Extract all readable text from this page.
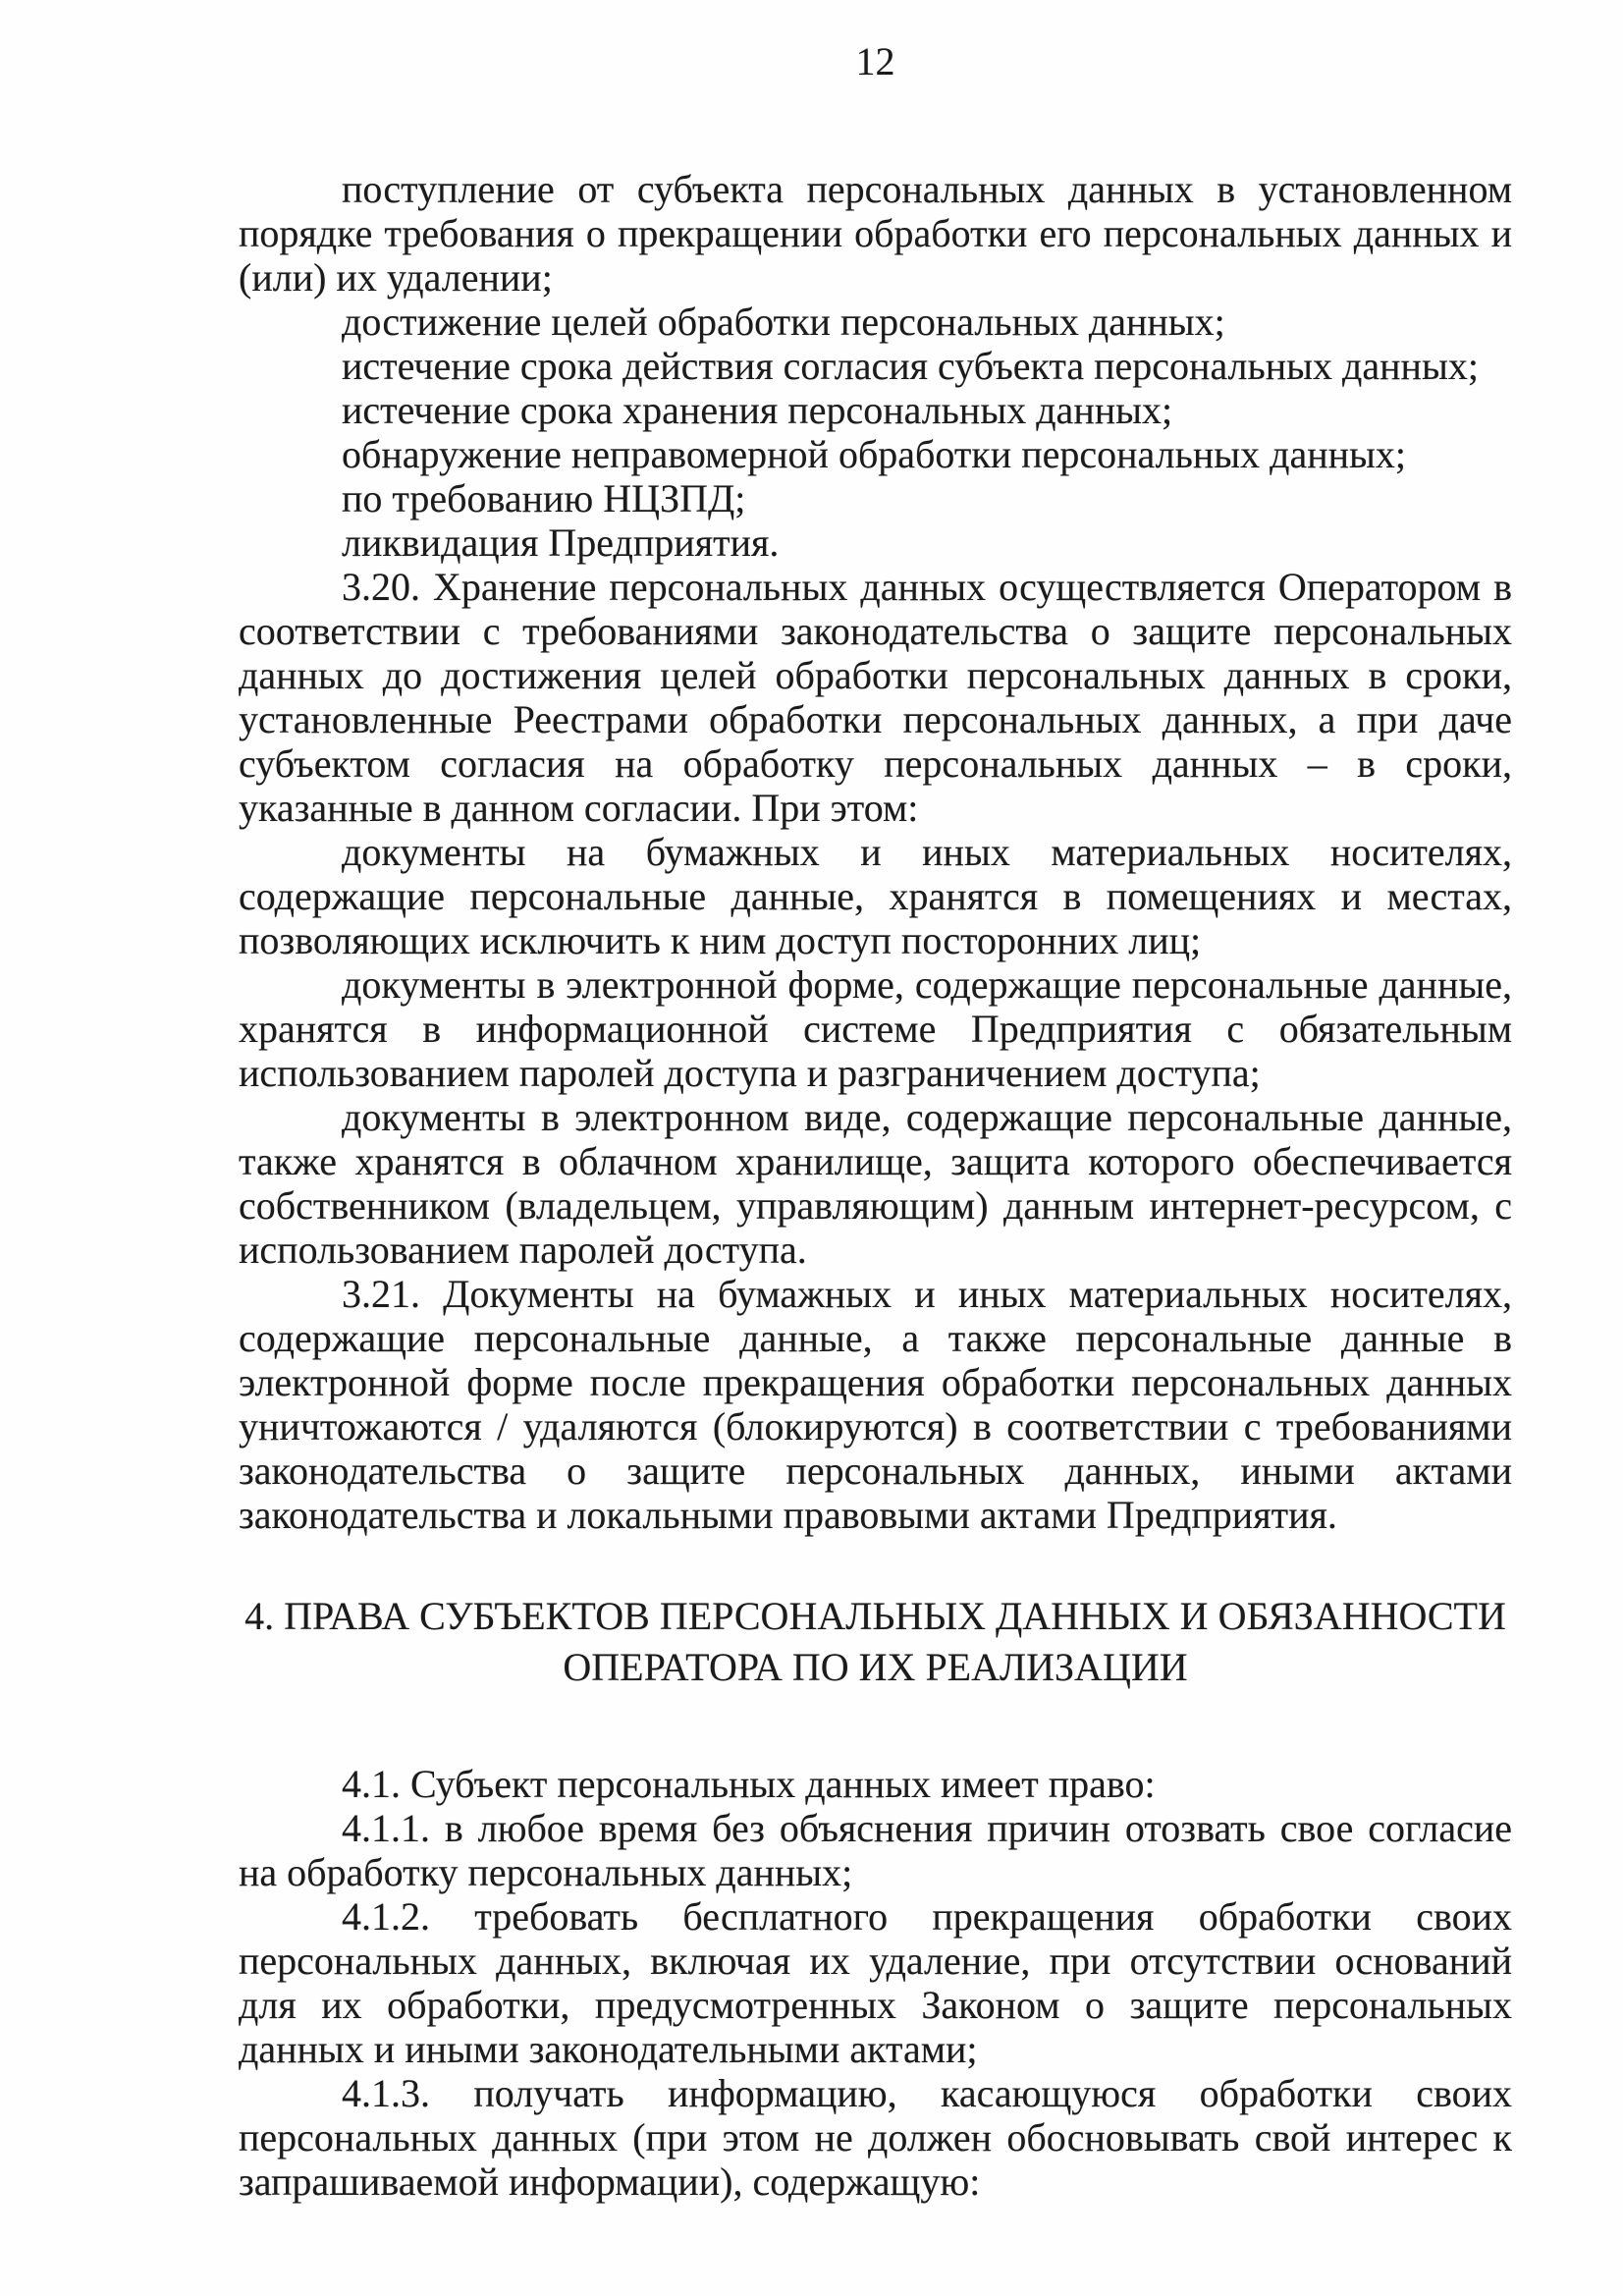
12

поступление от субъекта персональных данных в установленном порядке требования о прекращении обработки его персональных данных и (или) их удалении;

достижение целей обработки персональных данных;

истечение срока действия согласия субъекта персональных данных;

истечение срока хранения персональных данных;

обнаружение неправомерной обработки персональных данных;

по требованию НЦЗПД;

ликвидация Предприятия.

3.20. Хранение персональных данных осуществляется Оператором в соответствии с требованиями законодательства о защите персональных данных до достижения целей обработки персональных данных в сроки, установленные Реестрами обработки персональных данных, а при даче субъектом согласия на обработку персональных данных – в сроки, указанные в данном согласии. При этом:

документы на бумажных и иных материальных носителях, содержащие персональные данные, хранятся в помещениях и местах, позволяющих исключить к ним доступ посторонних лиц;

документы в электронной форме, содержащие персональные данные, хранятся в информационной системе Предприятия с обязательным использованием паролей доступа и разграничением доступа;

документы в электронном виде, содержащие персональные данные, также хранятся в облачном хранилище, защита которого обеспечивается собственником (владельцем, управляющим) данным интернет-ресурсом, с использованием паролей доступа.

3.21. Документы на бумажных и иных материальных носителях, содержащие персональные данные, а также персональные данные в электронной форме после прекращения обработки персональных данных уничтожаются / удаляются (блокируются) в соответствии с требованиями законодательства о защите персональных данных, иными актами законодательства и локальными правовыми актами Предприятия.

4. ПРАВА СУБЪЕКТОВ ПЕРСОНАЛЬНЫХ ДАННЫХ И ОБЯЗАННОСТИ ОПЕРАТОРА ПО ИХ РЕАЛИЗАЦИИ

4.1. Субъект персональных данных имеет право:

4.1.1. в любое время без объяснения причин отозвать свое согласие на обработку персональных данных;

4.1.2. требовать бесплатного прекращения обработки своих персональных данных, включая их удаление, при отсутствии оснований для их обработки, предусмотренных Законом о защите персональных данных и иными законодательными актами;

4.1.3. получать информацию, касающуюся обработки своих персональных данных (при этом не должен обосновывать свой интерес к запрашиваемой информации), содержащую:
